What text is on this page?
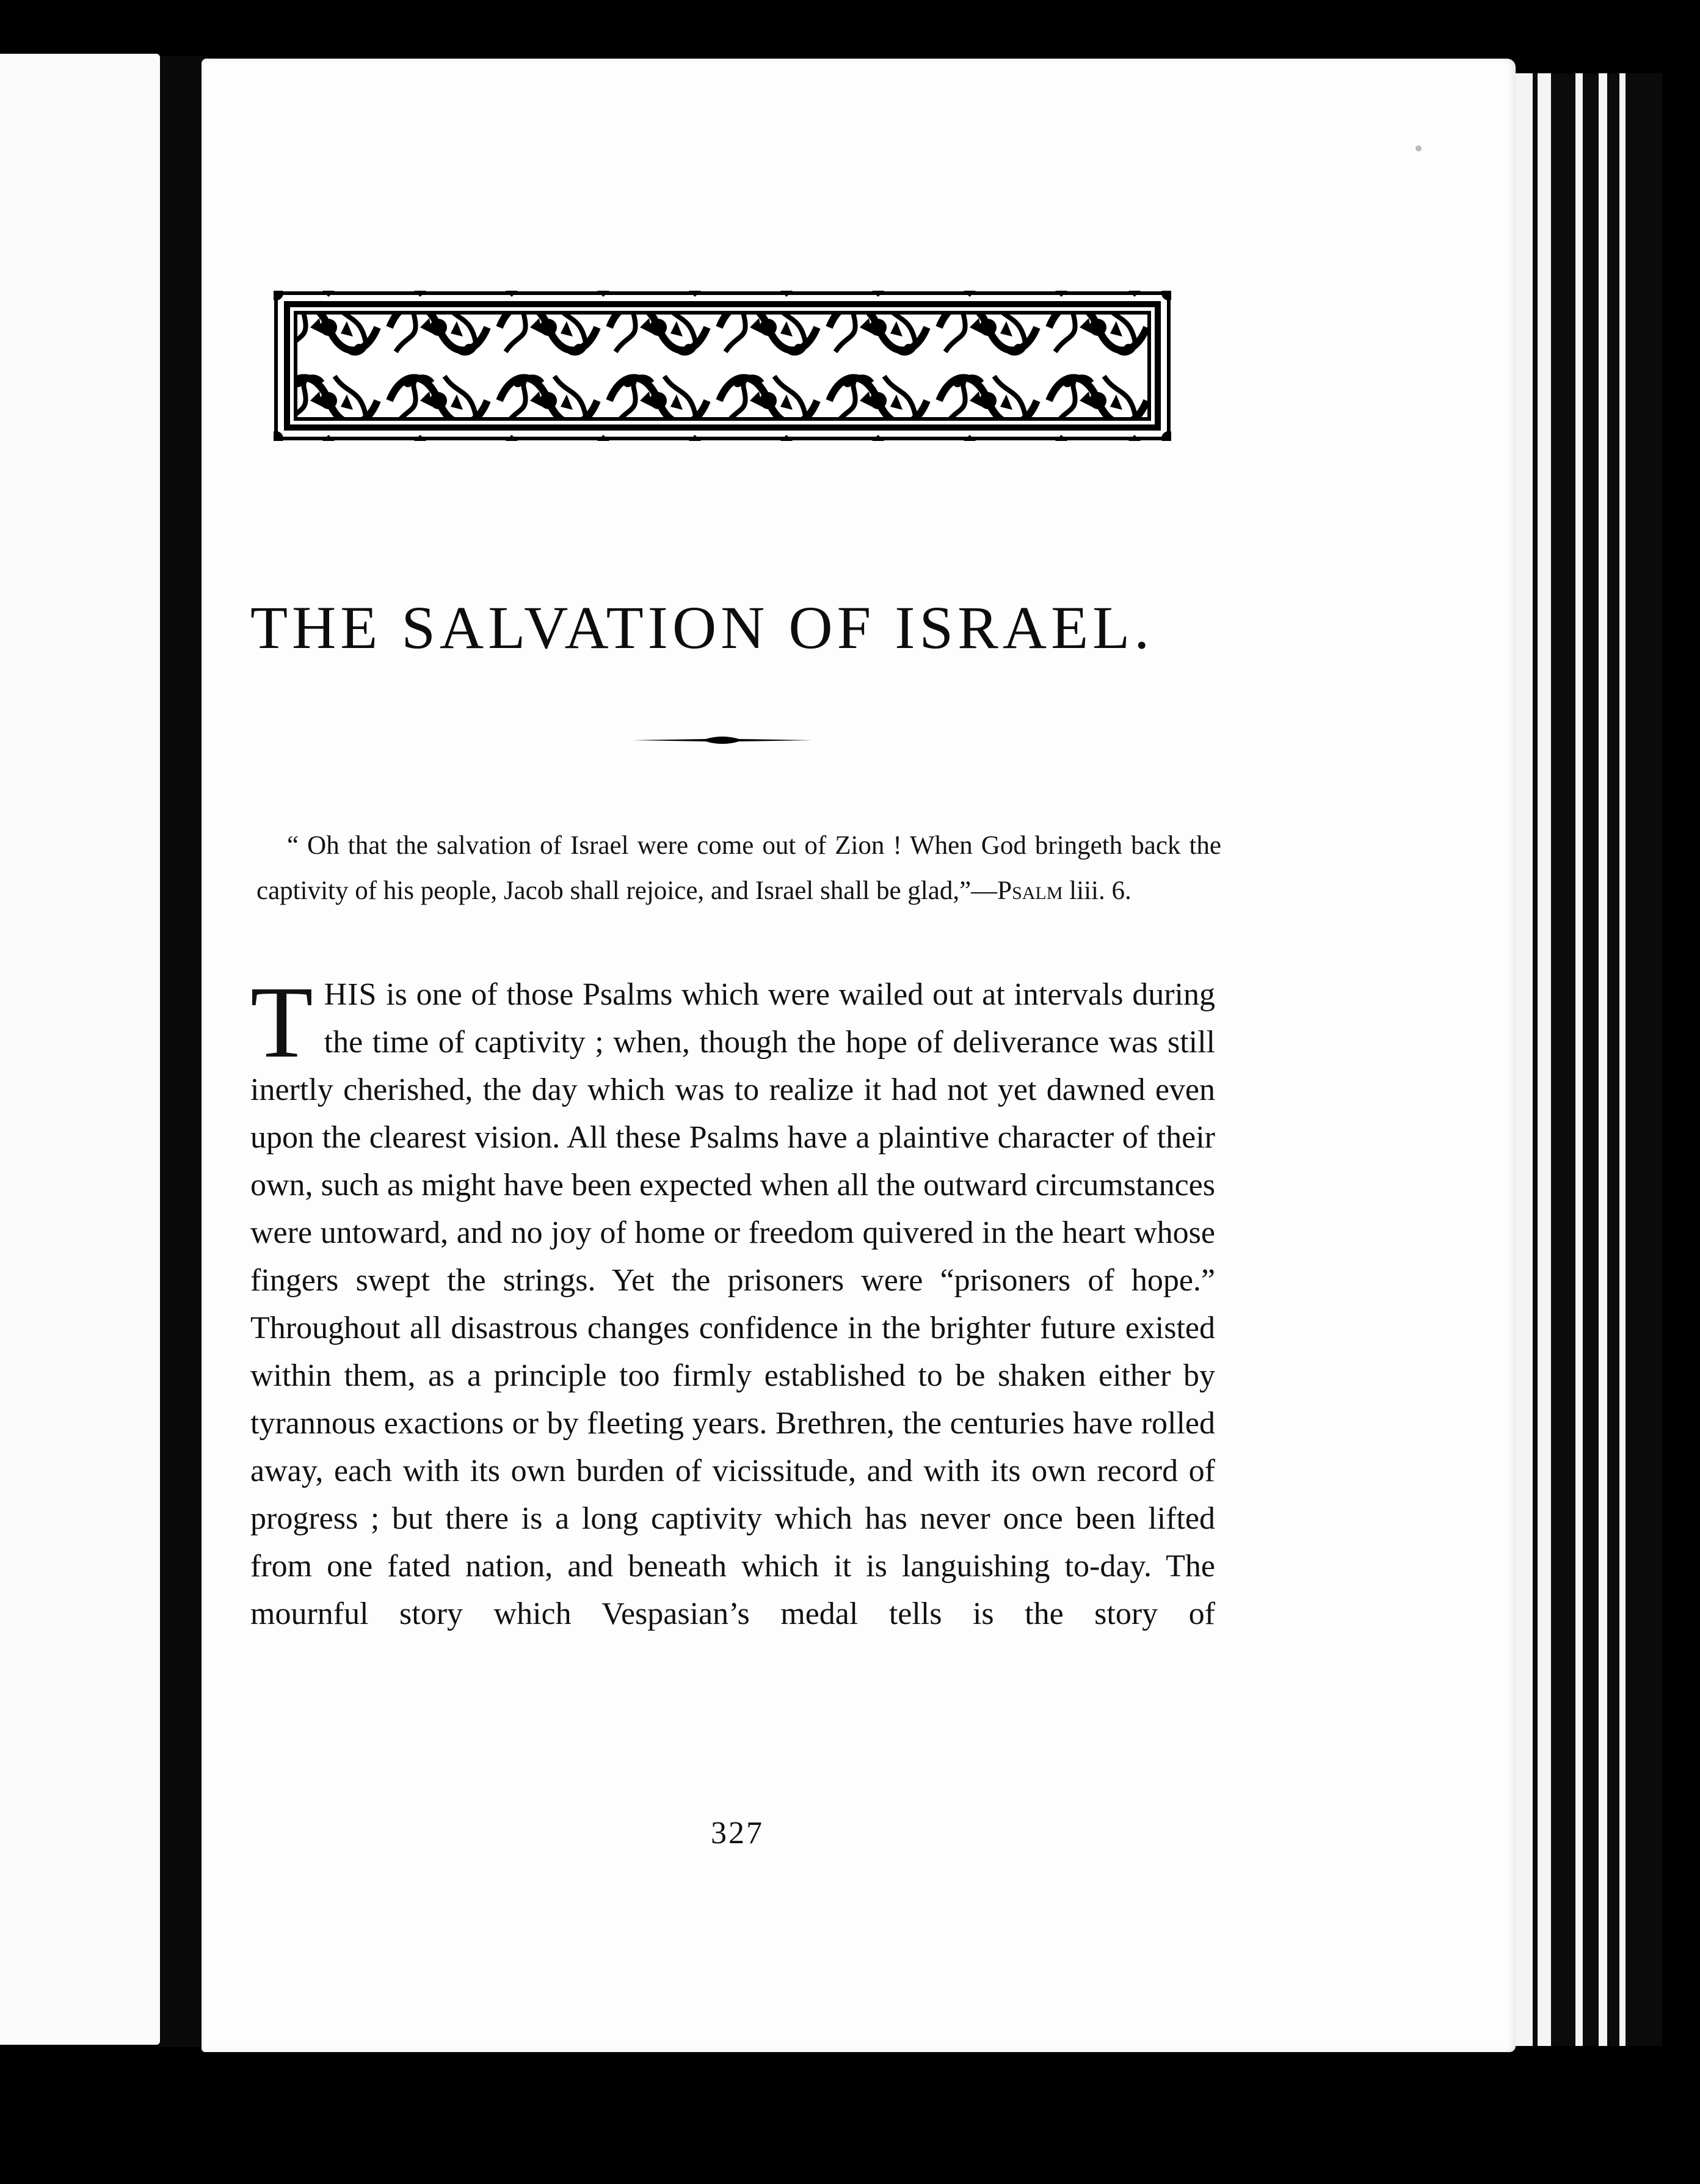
THE SALVATION OF ISRAEL.
“ Oh that the salvation of Israel were come out of Zion ! When God bringeth back the captivity of his people, Jacob shall rejoice, and Israel shall be glad,”—Psalm liii. 6.
THIS is one of those Psalms which were wailed out at intervals during the time of captivity ; when, though the hope of deliverance was still inertly cherished, the day which was to realize it had not yet dawned even upon the clearest vision. All these Psalms have a plaintive character of their own, such as might have been expected when all the outward circumstances were untoward, and no joy of home or freedom quivered in the heart whose fingers swept the strings. Yet the prisoners were “prisoners of hope.” Throughout all disastrous changes confidence in the brighter future existed within them, as a principle too firmly established to be shaken either by tyrannous exactions or by fleeting years. Brethren, the centuries have rolled away, each with its own burden of vicissitude, and with its own record of progress ; but there is a long captivity which has never once been lifted from one fated nation, and beneath which it is languishing to-day. The mournful story which Vespasian’s medal tells is the story of
327
